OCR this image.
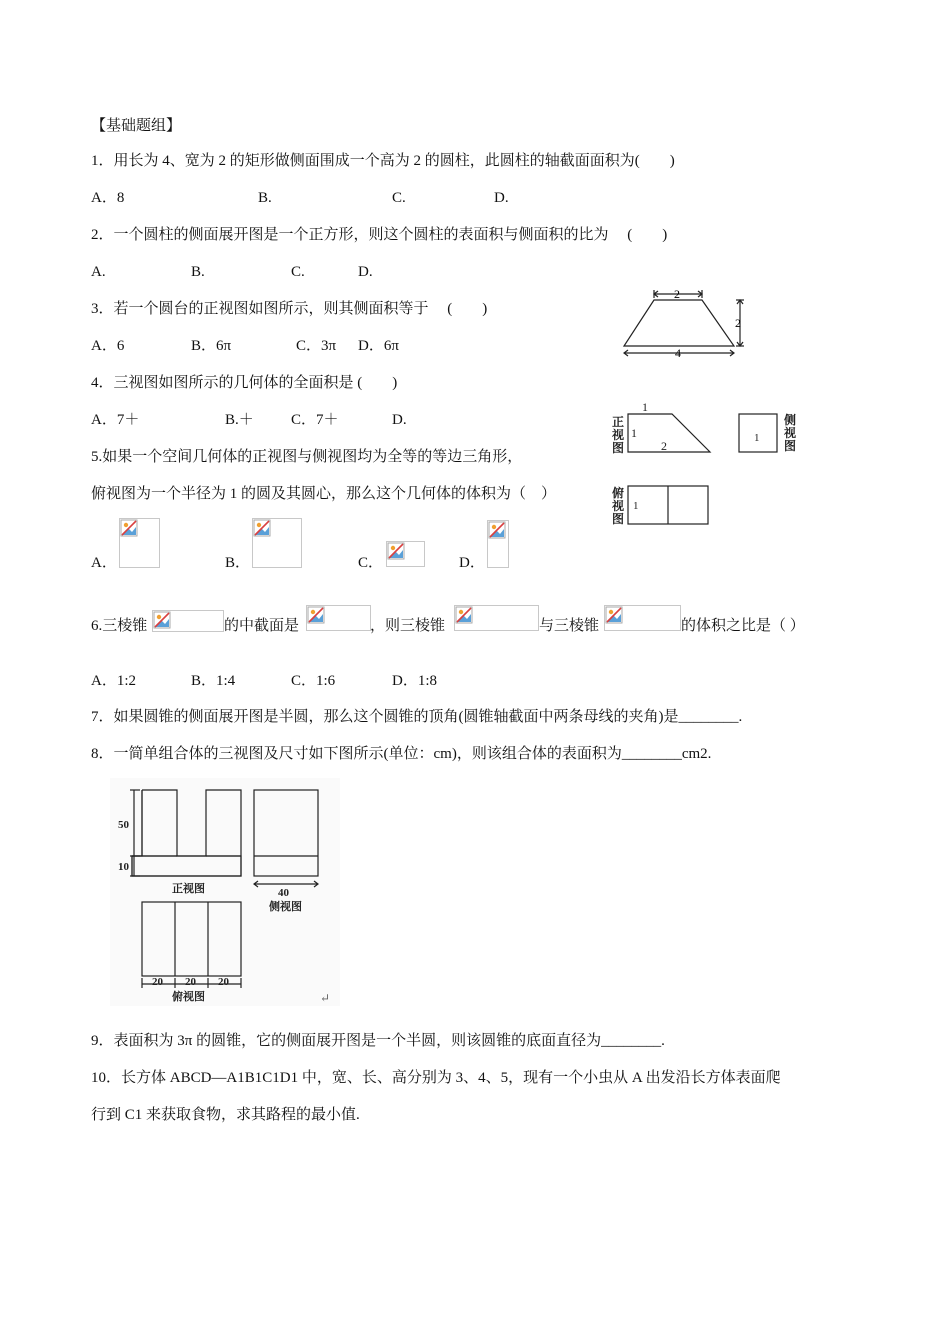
【基础题组】
1．用长为 4、宽为 2 的矩形做侧面围成一个高为 2 的圆柱，此圆柱的轴截面面积为(　　)
A．8	B.	C.	D.
2．一个圆柱的侧面展开图是一个正方形，则这个圆柱的表面积与侧面积的比为　 (　　)
A.	B.	C.	D.
3．若一个圆台的正视图如图所示，则其侧面积等于　 (　　)
A．6	B．6π	C．3π D．6π
2
2
4
4．三视图如图所示的几何体的全面积是 (　　)
A．7＋	B.＋ C．7＋	D.	正
视
图
侧
视
图
俯
视
图
1
1
2
1
1
5.如果一个空间几何体的正视图与侧视图均为全等的等边三角形，
俯视图为一个半径为 1 的圆及其圆心，那么这个几何体的体积为（　）
A．	B．	C．	D．
6.三棱锥	的中截面是	，则三棱锥	与三棱锥	的体积之比是（ ）
A．1:2	B．1:4	C．1:6	D．1:8
7．如果圆锥的侧面展开图是半圆，那么这个圆锥的顶角(圆锥轴截面中两条母线的夹角)是________.
8．一简单组合体的三视图及尺寸如下图所示(单位：cm)，则该组合体的表面积为________cm2.
50
10
40
20 20 20
正视图
侧视图
俯视图	↵
9．表面积为 3π 的圆锥，它的侧面展开图是一个半圆，则该圆锥的底面直径为________.
10．长方体 ABCD—A1B1C1D1 中，宽、长、高分别为 3、4、5，现有一个小虫从 A 出发沿长方体表面爬
行到 C1 来获取食物，求其路程的最小值.
